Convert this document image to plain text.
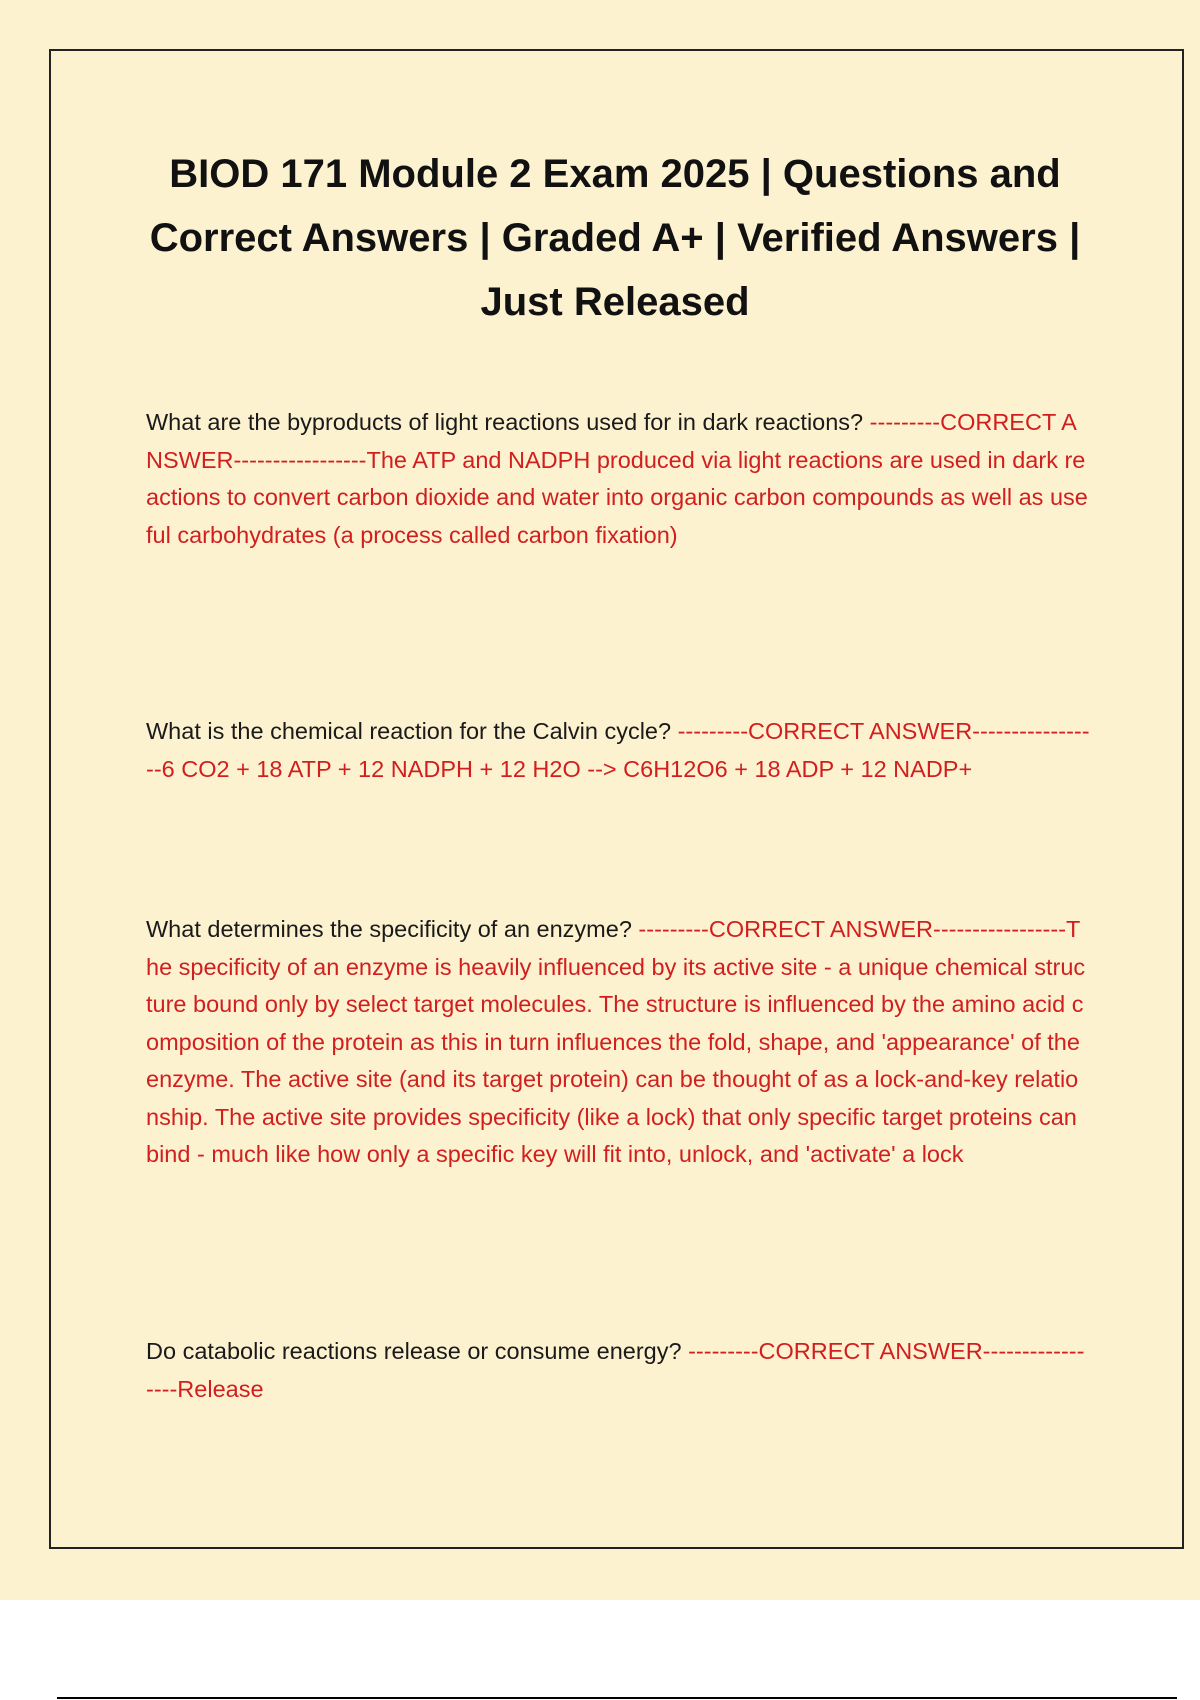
BIOD 171 Module 2 Exam 2025 | Questions and Correct Answers | Graded A+ | Verified Answers | Just Released

What are the byproducts of light reactions used for in dark reactions? ---------CORRECT ANSWER-----------------The ATP and NADPH produced via light reactions are used in dark reactions to convert carbon dioxide and water into organic carbon compounds as well as useful carbohydrates (a process called carbon fixation)

What is the chemical reaction for the Calvin cycle? ---------CORRECT ANSWER-----------------6 CO2 + 18 ATP + 12 NADPH + 12 H2O --> C6H12O6 + 18 ADP + 12 NADP+

What determines the specificity of an enzyme? ---------CORRECT ANSWER-----------------The specificity of an enzyme is heavily influenced by its active site - a unique chemical structure bound only by select target molecules. The structure is influenced by the amino acid composition of the protein as this in turn influences the fold, shape, and 'appearance' of the enzyme. The active site (and its target protein) can be thought of as a lock-and-key relationship. The active site provides specificity (like a lock) that only specific target proteins can bind - much like how only a specific key will fit into, unlock, and 'activate' a lock

Do catabolic reactions release or consume energy? ---------CORRECT ANSWER-----------------Release
